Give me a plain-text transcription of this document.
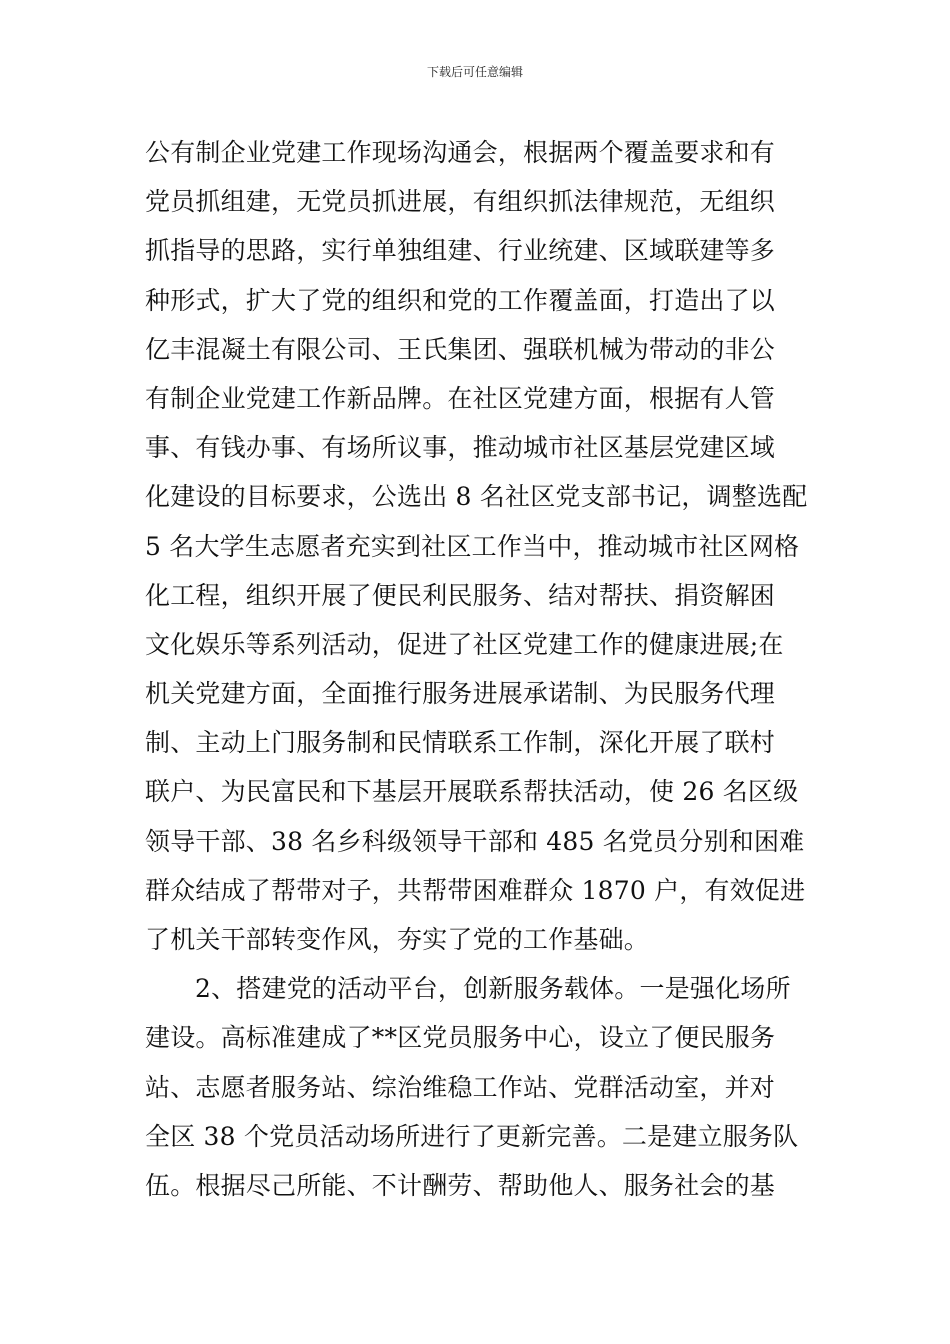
下载后可任意编辑
公有制企业党建工作现场沟通会，根据两个覆盖要求和有
党员抓组建，无党员抓进展，有组织抓法律规范，无组织
抓指导的思路，实行单独组建、行业统建、区域联建等多
种形式，扩大了党的组织和党的工作覆盖面，打造出了以
亿丰混凝土有限公司、王氏集团、强联机械为带动的非公
有制企业党建工作新品牌。在社区党建方面，根据有人管
事、有钱办事、有场所议事，推动城市社区基层党建区域
化建设的目标要求，公选出 8 名社区党支部书记，调整选配
5 名大学生志愿者充实到社区工作当中，推动城市社区网格
化工程，组织开展了便民利民服务、结对帮扶、捐资解困
文化娱乐等系列活动，促进了社区党建工作的健康进展;在
机关党建方面，全面推行服务进展承诺制、为民服务代理
制、主动上门服务制和民情联系工作制，深化开展了联村
联户、为民富民和下基层开展联系帮扶活动，使 26 名区级
领导干部、38 名乡科级领导干部和 485 名党员分别和困难
群众结成了帮带对子，共帮带困难群众 1870 户，有效促进
了机关干部转变作风，夯实了党的工作基础。
2、搭建党的活动平台，创新服务载体。一是强化场所
建设。高标准建成了**区党员服务中心，设立了便民服务
站、志愿者服务站、综治维稳工作站、党群活动室，并对
全区 38 个党员活动场所进行了更新完善。二是建立服务队
伍。根据尽己所能、不计酬劳、帮助他人、服务社会的基
